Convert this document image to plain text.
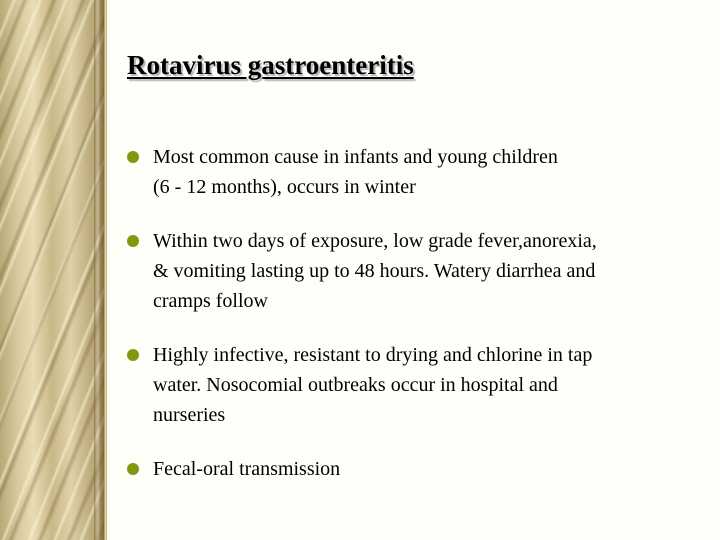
Rotavirus gastroenteritis
Most common cause in infants and young children
(6 - 12 months), occurs in winter
Within two days of exposure, low grade fever,anorexia,
& vomiting lasting up to 48 hours. Watery diarrhea and
cramps follow
Highly infective, resistant to drying and chlorine in tap
water. Nosocomial outbreaks occur in hospital and
nurseries
Fecal-oral transmission
